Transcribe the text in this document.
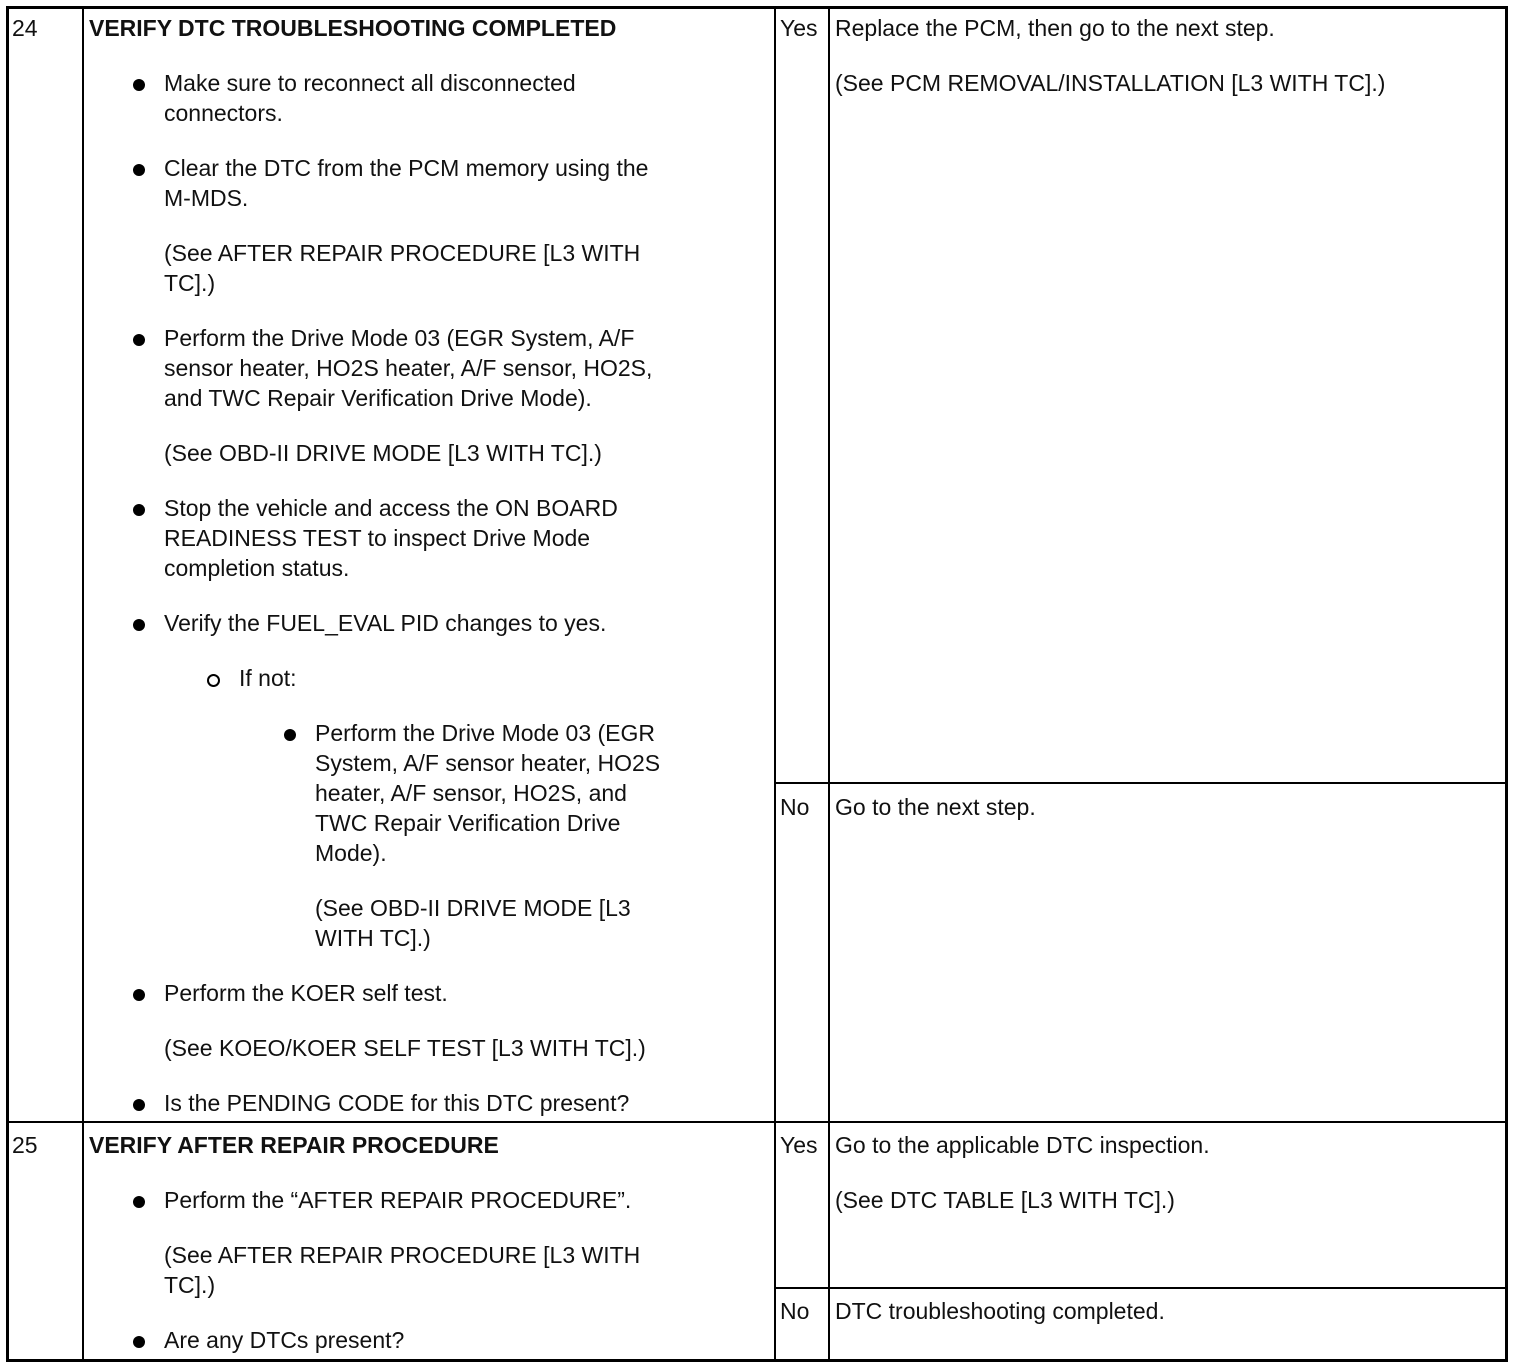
24 VERIFY DTC TROUBLESHOOTING COMPLETED
Make sure to reconnect all disconnected
connectors.
Clear the DTC from the PCM memory using the
M-MDS.
(See AFTER REPAIR PROCEDURE [L3 WITH
TC].)
Perform the Drive Mode 03 (EGR System, A/F
sensor heater, HO2S heater, A/F sensor, HO2S,
and TWC Repair Verification Drive Mode).
(See OBD-II DRIVE MODE [L3 WITH TC].)
Stop the vehicle and access the ON BOARD
READINESS TEST to inspect Drive Mode
completion status.
Verify the FUEL_EVAL PID changes to yes.
If not:
Perform the Drive Mode 03 (EGR
System, A/F sensor heater, HO2S
heater, A/F sensor, HO2S, and
TWC Repair Verification Drive
Mode).
(See OBD-II DRIVE MODE [L3
WITH TC].)
Perform the KOER self test.
(See KOEO/KOER SELF TEST [L3 WITH TC].)
Is the PENDING CODE for this DTC present?
Yes Replace the PCM, then go to the next step.
(See PCM REMOVAL/INSTALLATION [L3 WITH TC].)
No Go to the next step.
25 VERIFY AFTER REPAIR PROCEDURE
Perform the “AFTER REPAIR PROCEDURE”.
(See AFTER REPAIR PROCEDURE [L3 WITH
TC].)
Are any DTCs present?
Yes Go to the applicable DTC inspection.
(See DTC TABLE [L3 WITH TC].)
No DTC troubleshooting completed.
